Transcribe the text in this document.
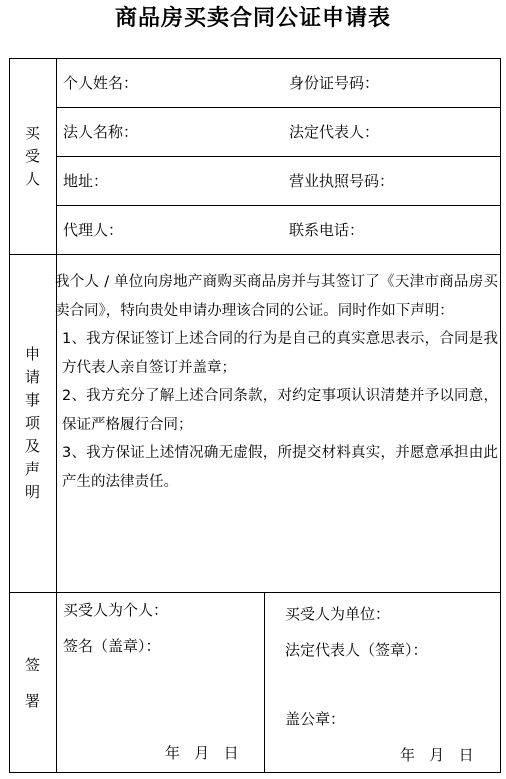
商品房买卖合同公证申请表
买
受
人
个人姓名：	身份证号码：
法人名称：	法定代表人：
地址：	营业执照号码：
代理人：	联系电话：
申
请
事
项
及
声
明

我个人 / 单位向房地产商购买商品房并与其签订了《天津市商品房买卖合同》，特向贵处申请办理该合同的公证。同时作如下声明：

1、我方保证签订上述合同的行为是自己的真实意思表示，合同是我方代表人亲自签订并盖章；

2、我方充分了解上述合同条款，对约定事项认识清楚并予以同意，保证严格履行合同；

3、我方保证上述情况确无虚假，所提交材料真实，并愿意承担由此产生的法律责任。

签
署
买受人为个人：
签名（盖章）：
年   月   日
买受人为单位：
法定代表人（签章）：
盖公章：
年   月   日
